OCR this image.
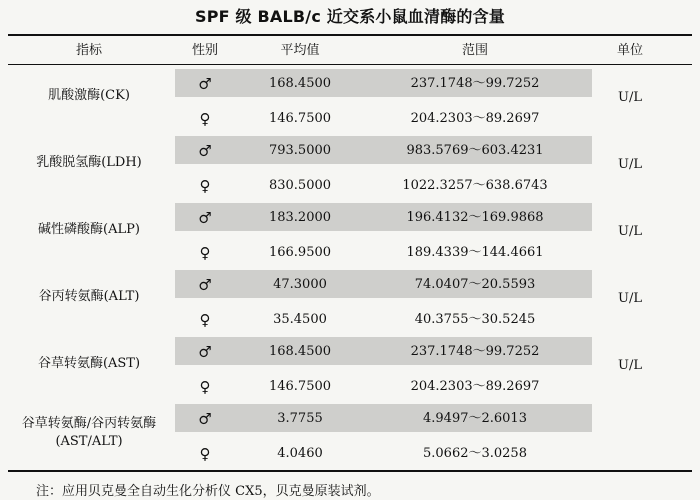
SPF 级 BALB/c 近交系小鼠血清酶的含量
指标	性别	平均值	范围	单位
肌酸激酶(CK)
♂	168.4500	237.1748～99.7252
♀	146.7500	204.2303～89.2697
U/L
乳酸脱氢酶(LDH)
♂	793.5000	983.5769～603.4231
♀	830.5000	1022.3257～638.6743
U/L
碱性磷酸酶(ALP)
♂	183.2000	196.4132～169.9868
♀	166.9500	189.4339～144.4661
U/L
谷丙转氨酶(ALT)
♂	47.3000	74.0407～20.5593
♀	35.4500	40.3755～30.5245
U/L
谷草转氨酶(AST)
♂	168.4500	237.1748～99.7252
♀	146.7500	204.2303～89.2697
U/L
谷草转氨酶/谷丙转氨酶
(AST/ALT)
♂	3.7755	4.9497～2.6013
♀	4.0460	5.0662～3.0258
注：应用贝克曼全自动生化分析仪 CX5，贝克曼原装试剂。
